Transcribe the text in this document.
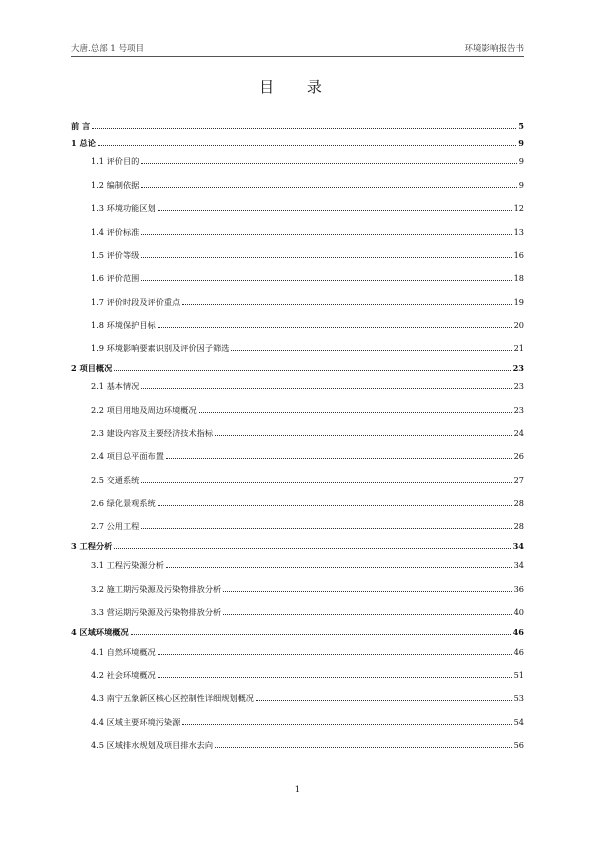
大唐.总部 1 号项目	环境影响报告书
目 录
前 言	5
1 总论	9
1.1 评价目的	9
1.2 编制依据	9
1.3 环境功能区划	12
1.4 评价标准	13
1.5 评价等级	16
1.6 评价范围	18
1.7 评价时段及评价重点	19
1.8 环境保护目标	20
1.9 环境影响要素识别及评价因子筛选	21
2 项目概况	23
2.1 基本情况	23
2.2 项目用地及周边环境概况	23
2.3 建设内容及主要经济技术指标	24
2.4 项目总平面布置	26
2.5 交通系统	27
2.6 绿化景观系统	28
2.7 公用工程	28
3 工程分析	34
3.1 工程污染源分析	34
3.2 施工期污染源及污染物排放分析	36
3.3 营运期污染源及污染物排放分析	40
4 区域环境概况	46
4.1 自然环境概况	46
4.2 社会环境概况	51
4.3 南宁五象新区核心区控制性详细规划概况	53
4.4 区域主要环境污染源	54
4.5 区域排水规划及项目排水去向	56
1
